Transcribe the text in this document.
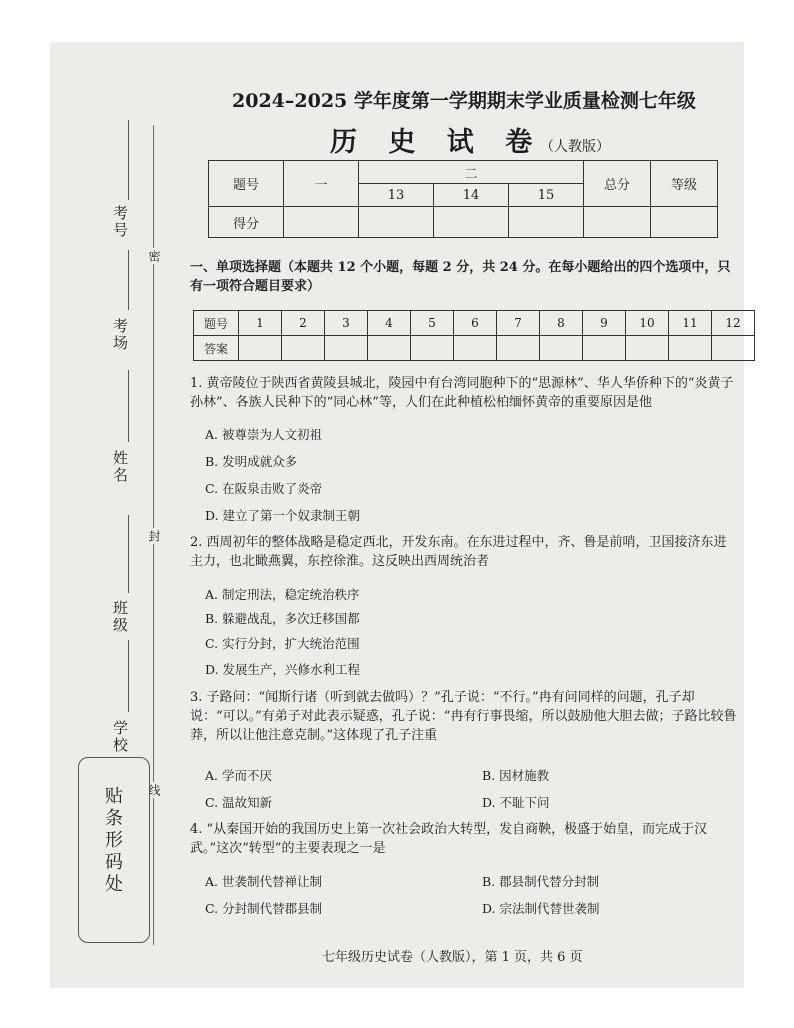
密
封
线
考号
考场
姓名
班级
学校
贴条形码处
2024–2025 学年度第一学期期末学业质量检测七年级
历 史 试 卷
（人教版）
题号	一	二			总分	等级
		13	14	15		
得分						
一、单项选择题（本题共 12 个小题，每题 2 分，共 24 分。在每小题给出的四个选项中，只有一项符合题目要求）
题号	1	2	3	4	5	6	7	8	9	10	11	12
答案												
1. 黄帝陵位于陕西省黄陵县城北，陵园中有台湾同胞种下的“思源林”、华人华侨种下的“炎黄子孙林”、各族人民种下的“同心林”等，人们在此种植松柏缅怀黄帝的重要原因是他
A. 被尊崇为人文初祖
B. 发明成就众多
C. 在阪泉击败了炎帝
D. 建立了第一个奴隶制王朝
2. 西周初年的整体战略是稳定西北，开发东南。在东进过程中，齐、鲁是前哨，卫国接济东进主力，也北瞰燕翼，东控徐淮。这反映出西周统治者
A. 制定刑法，稳定统治秩序
B. 躲避战乱，多次迁移国都
C. 实行分封，扩大统治范围
D. 发展生产，兴修水利工程
3. 子路问：“闻斯行诸（听到就去做吗）？”孔子说：“不行。”冉有问同样的问题，孔子却说：“可以。”有弟子对此表示疑惑，孔子说：“冉有行事畏缩，所以鼓励他大胆去做；子路比较鲁莽，所以让他注意克制。”这体现了孔子注重
A. 学而不厌	B. 因材施教
C. 温故知新	D. 不耻下问
4. “从秦国开始的我国历史上第一次社会政治大转型，发自商鞅，极盛于始皇，而完成于汉武。”这次“转型”的主要表现之一是
A. 世袭制代替禅让制	B. 郡县制代替分封制
C. 分封制代替郡县制	D. 宗法制代替世袭制
七年级历史试卷（人教版），第 1 页，共 6 页
